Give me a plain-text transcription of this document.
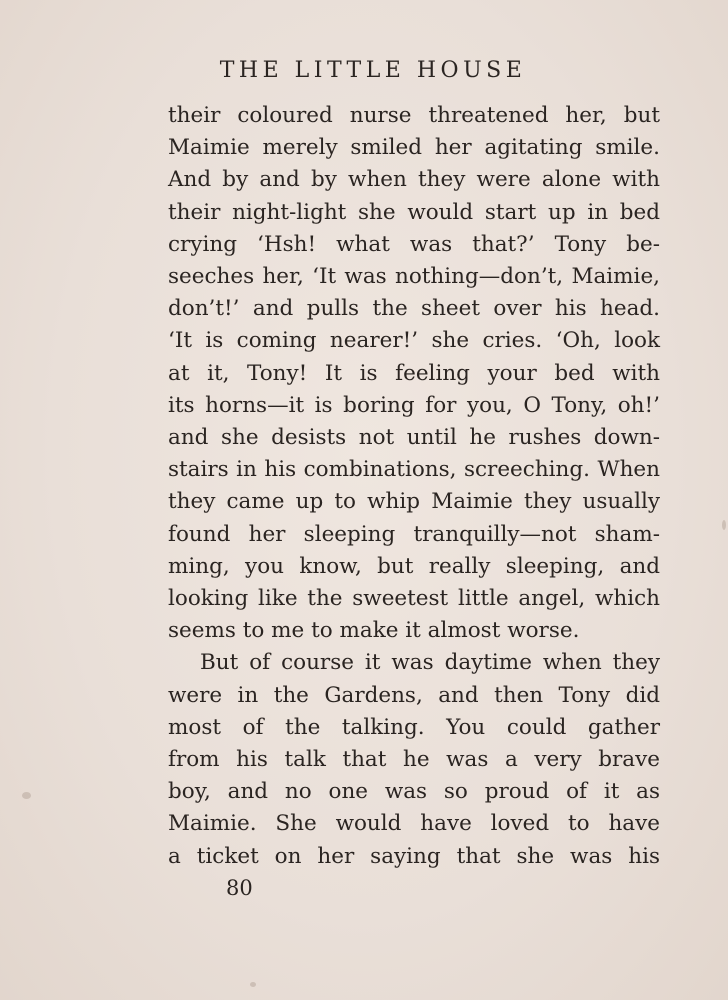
THE LITTLE HOUSE
their coloured nurse threatened her, but
Maimie merely smiled her agitating smile.
And by and by when they were alone with
their night-light she would start up in bed
crying ‘Hsh! what was that?’ Tony be-
seeches her, ‘It was nothing—don’t, Maimie,
don’t!’ and pulls the sheet over his head.
‘It is coming nearer!’ she cries. ‘Oh, look
at it, Tony! It is feeling your bed with
its horns—it is boring for you, O Tony, oh!’
and she desists not until he rushes down-
stairs in his combinations, screeching. When
they came up to whip Maimie they usually
found her sleeping tranquilly—not sham-
ming, you know, but really sleeping, and
looking like the sweetest little angel, which
seems to me to make it almost worse.
But of course it was daytime when they
were in the Gardens, and then Tony did
most of the talking. You could gather
from his talk that he was a very brave
boy, and no one was so proud of it as
Maimie. She would have loved to have
a ticket on her saying that she was his
80
